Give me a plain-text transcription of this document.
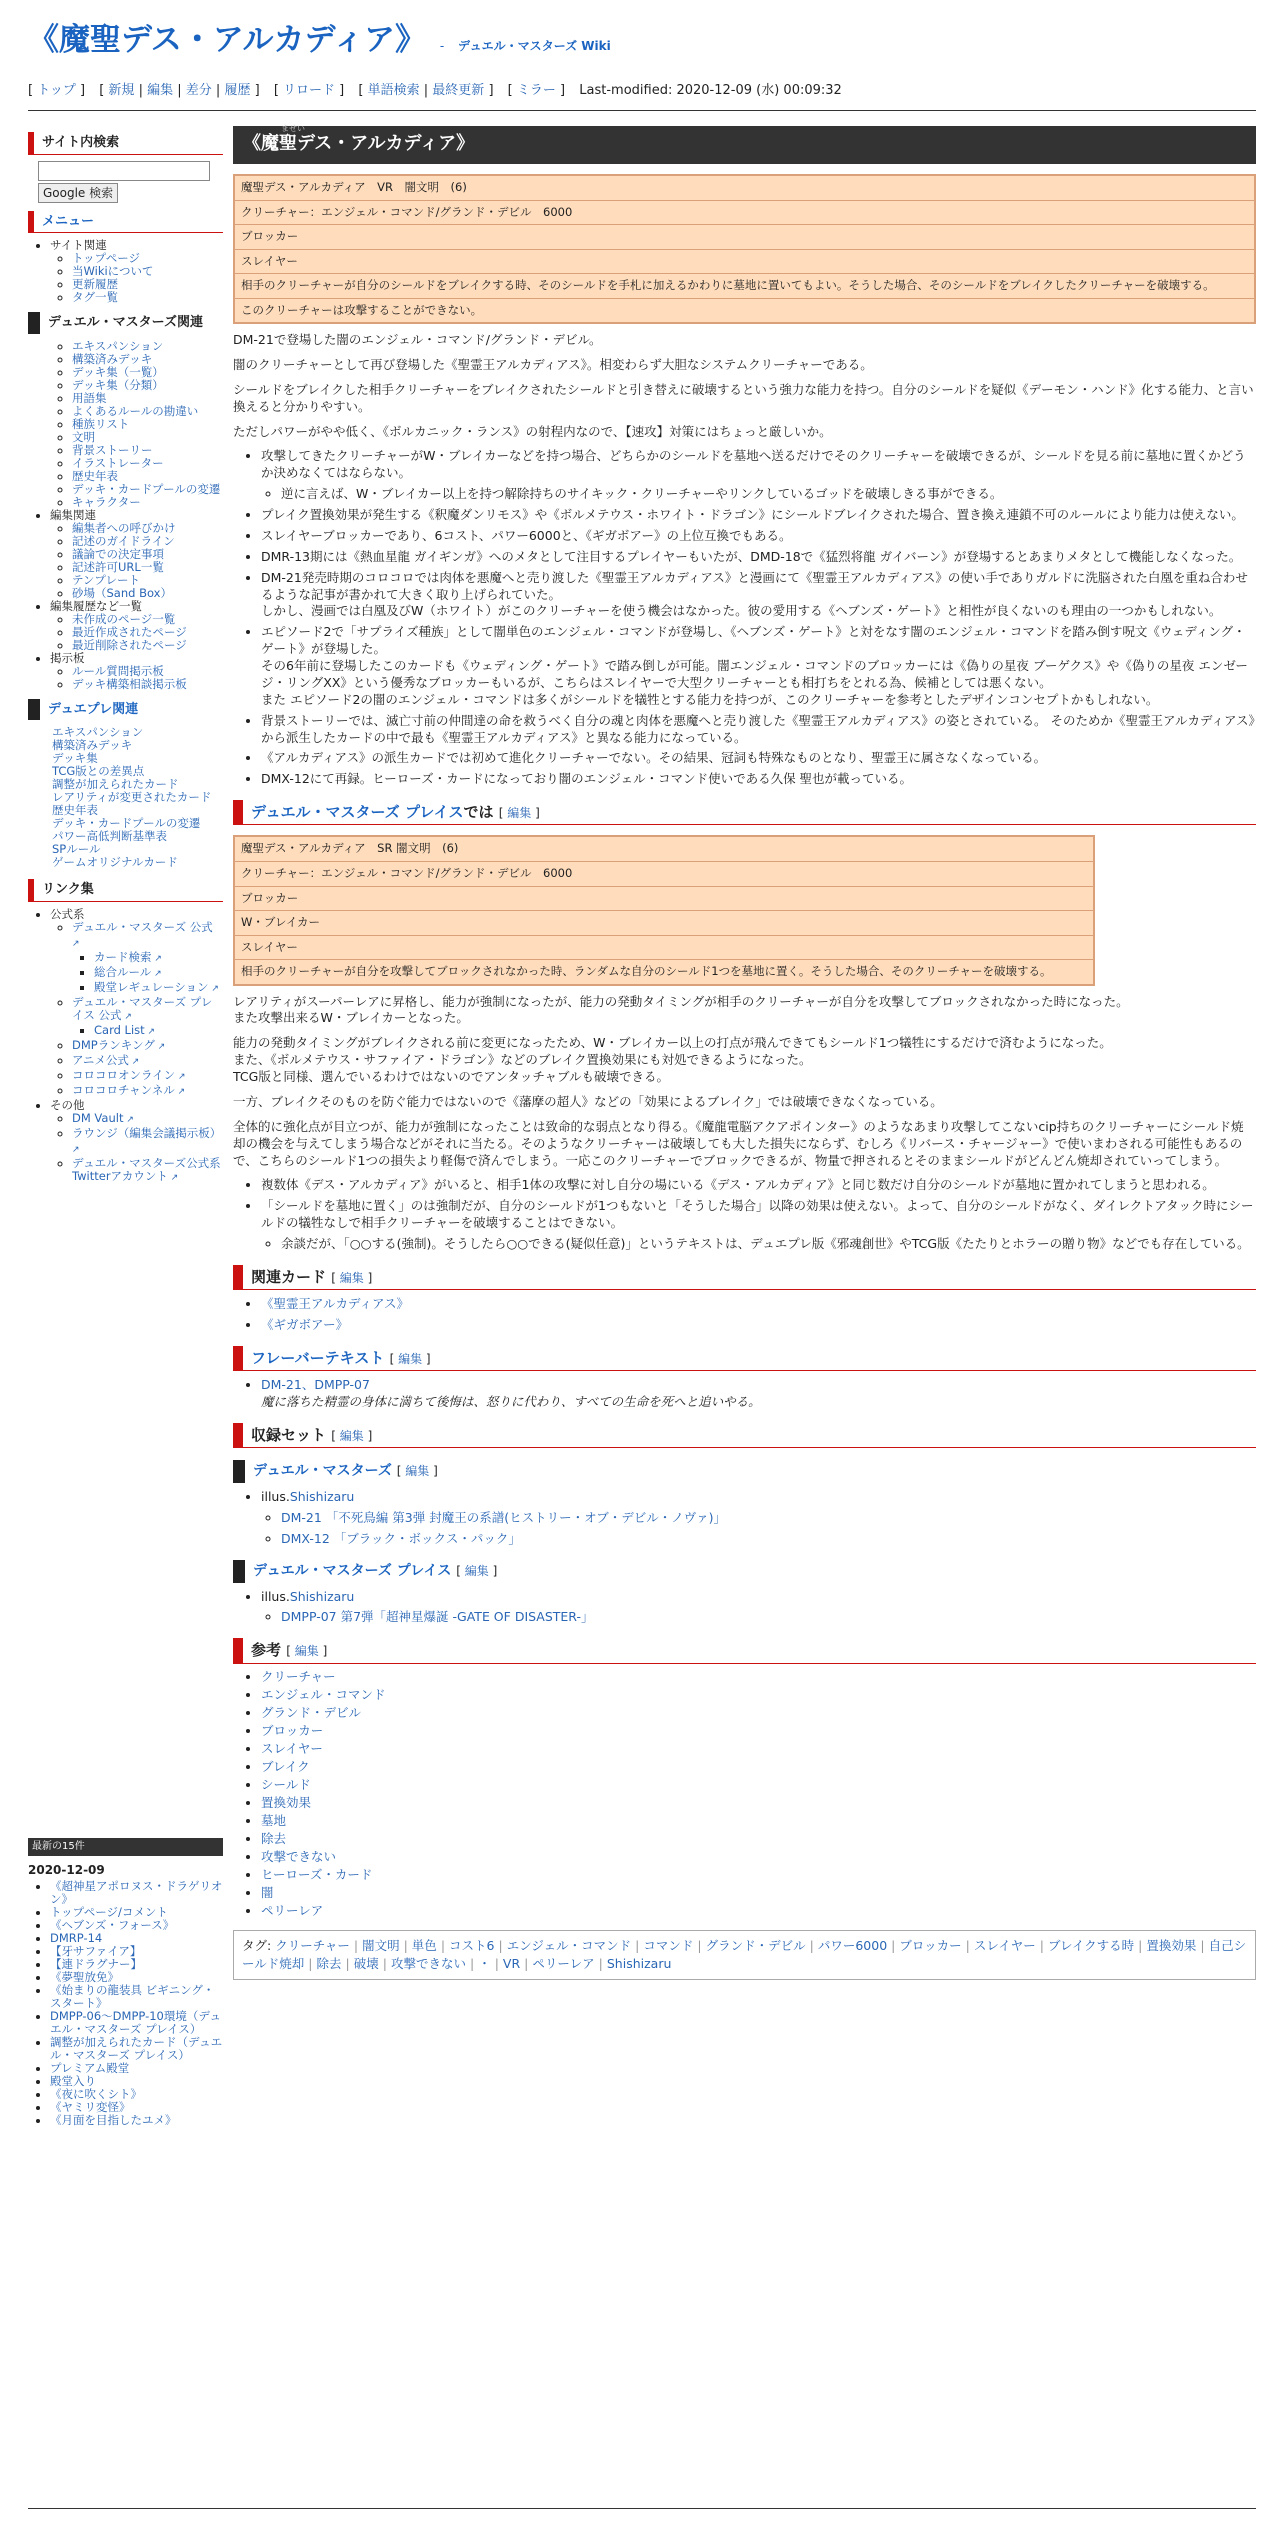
《魔聖デス・アルカディア》 - デュエル・マスターズ Wiki
[ トップ ] [ 新規 | 編集 | 差分 | 履歴 ] [ リロード ] [ 単語検索 | 最終更新 ] [ ミラー ] Last-modified: 2020-12-09 (水) 00:09:32
サイト内検索
Google 検索
メニュー
• サイト関連
◦ トップページ
◦ 当Wikiについて
◦ 更新履歴
◦ タグ一覧
デュエル・マスターズ関連
◦ エキスパンション
◦ 構築済みデッキ
◦ デッキ集（一覧）
◦ デッキ集（分類）
◦ 用語集
◦ よくあるルールの勘違い
◦ 種族リスト
◦ 文明
◦ 背景ストーリー
◦ イラストレーター
◦ 歴史年表
◦ デッキ・カードプールの変遷
◦ キャラクター
• 編集関連
◦ 編集者への呼びかけ
◦ 記述のガイドライン
◦ 議論での決定事項
◦ 記述許可URL一覧
◦ テンプレート
◦ 砂場（Sand Box）
• 編集履歴など一覧
◦ 未作成のページ一覧
◦ 最近作成されたページ
◦ 最近削除されたページ
• 掲示板
◦ ルール質問掲示板
◦ デッキ構築相談掲示板
デュエプレ関連
エキスパンション
構築済みデッキ
デッキ集
TCG版との差異点
調整が加えられたカード
レアリティが変更されたカード
歴史年表
デッキ・カードプールの変遷
パワー高低判断基準表
SPルール
ゲームオリジナルカード
リンク集
• 公式系
◦ デュエル・マスターズ 公式 ↗
▪ カード検索 ↗
▪ 総合ルール ↗
▪ 殿堂レギュレーション ↗
◦ デュエル・マスターズ プレイス 公式 ↗
▪ Card List ↗
◦ DMPランキング ↗
◦ アニメ公式 ↗
◦ コロコロオンライン ↗
◦ コロコロチャンネル ↗
• その他
◦ DM Vault ↗
◦ ラウンジ（編集会議掲示板） ↗
◦ デュエル・マスターズ公式系Twitterアカウント ↗
最新の15件
2020-12-09
• 《超神星アポロヌス・ドラゲリオン》
• トップページ/コメント
• 《ヘブンズ・フォース》
• DMRP-14
• 【牙サファイア】
• 【連ドラグナー】
• 《夢聖放免》
• 《始まりの龍装具 ビギニング・スタート》
• DMPP-06～DMPP-10環境（デュエル・マスターズ プレイス）
• 調整が加えられたカード（デュエル・マスターズ プレイス）
• プレミアム殿堂
• 殿堂入り
• 《夜に吹くシト》
• 《ヤミリ変怪》
• 《月面を目指したユメ》
ませい
《魔聖デス・アルカディア》
魔聖デス・アルカディア　VR　闇文明　(6)
クリーチャー：エンジェル・コマンド/グランド・デビル　6000
ブロッカー
スレイヤー
相手のクリーチャーが自分のシールドをブレイクする時、そのシールドを手札に加えるかわりに墓地に置いてもよい。そうした場合、そのシールドをブレイクしたクリーチャーを破壊する。
このクリーチャーは攻撃することができない。
DM-21で登場した闇のエンジェル・コマンド/グランド・デビル。
闇のクリーチャーとして再び登場した《聖霊王アルカディアス》。相変わらず大胆なシステムクリーチャーである。
シールドをブレイクした相手クリーチャーをブレイクされたシールドと引き替えに破壊するという強力な能力を持つ。自分のシールドを疑似《デーモン・ハンド》化する能力、と言い換えると分かりやすい。
ただしパワーがやや低く、《ボルカニック・ランス》の射程内なので、【速攻】対策にはちょっと厳しいか。
• 攻撃してきたクリーチャーがW・ブレイカーなどを持つ場合、どちらかのシールドを墓地へ送るだけでそのクリーチャーを破壊できるが、シールドを見る前に墓地に置くかどうか決めなくてはならない。
◦ 逆に言えば、W・ブレイカー以上を持つ解除持ちのサイキック・クリーチャーやリンクしているゴッドを破壊しきる事ができる。
• プレイク置換効果が発生する《釈魔ダンリモス》や《ボルメテウス・ホワイト・ドラゴン》にシールドブレイクされた場合、置き換え連鎖不可のルールにより能力は使えない。
• スレイヤーブロッカーであり、6コスト、パワー6000と、《ギガボアー》の上位互換でもある。
• DMR-13期には《熱血星龍 ガイギンガ》へのメタとして注目するプレイヤーもいたが、DMD-18で《猛烈将龍 ガイバーン》が登場するとあまりメタとして機能しなくなった。
• DM-21発売時期のコロコロでは肉体を悪魔へと売り渡した《聖霊王アルカディアス》と漫画にて《聖霊王アルカディアス》の使い手でありガルドに洗脳された白凰を重ね合わせるような記事が書かれて大きく取り上げられていた。
しかし、漫画では白凰及びW（ホワイト）がこのクリーチャーを使う機会はなかった。彼の愛用する《ヘブンズ・ゲート》と相性が良くないのも理由の一つかもしれない。
• エピソード2で「サプライズ種族」として闇単色のエンジェル・コマンドが登場し、《ヘブンズ・ゲート》と対をなす闇のエンジェル・コマンドを踏み倒す呪文《ウェディング・ゲート》が登場した。
その6年前に登場したこのカードも《ウェディング・ゲート》で踏み倒しが可能。闇エンジェル・コマンドのブロッカーには《偽りの星夜 ブーゲクス》や《偽りの星夜 エンゼージ・リングXX》という優秀なブロッカーもいるが、こちらはスレイヤーで大型クリーチャーとも相打ちをとれる為、候補としては悪くない。
また エピソード2の闇のエンジェル・コマンドは多くがシールドを犠牲とする能力を持つが、このクリーチャーを参考としたデザインコンセプトかもしれない。
• 背景ストーリーでは、滅亡寸前の仲間達の命を救うべく自分の魂と肉体を悪魔へと売り渡した《聖霊王アルカディアス》の姿とされている。 そのためか《聖霊王アルカディアス》から派生したカードの中で最も《聖霊王アルカディアス》と異なる能力になっている。
• 《アルカディアス》の派生カードでは初めて進化クリーチャーでない。その結果、冠詞も特殊なものとなり、聖霊王に属さなくなっている。
• DMX-12にて再録。ヒーローズ・カードになっており闇のエンジェル・コマンド使いである久保 聖也が載っている。
デュエル・マスターズ プレイスでは [ 編集 ]
魔聖デス・アルカディア　SR 闇文明　(6)
クリーチャー：エンジェル・コマンド/グランド・デビル　6000
ブロッカー
W・ブレイカー
スレイヤー
相手のクリーチャーが自分を攻撃してブロックされなかった時、ランダムな自分のシールド1つを墓地に置く。そうした場合、そのクリーチャーを破壊する。
レアリティがスーパーレアに昇格し、能力が強制になったが、能力の発動タイミングが相手のクリーチャーが自分を攻撃してブロックされなかった時になった。
また攻撃出来るW・ブレイカーとなった。
能力の発動タイミングがブレイクされる前に変更になったため、W・ブレイカー以上の打点が飛んできてもシールド1つ犠牲にするだけで済むようになった。
また、《ボルメテウス・サファイア・ドラゴン》などのブレイク置換効果にも対処できるようになった。
TCG版と同様、選んでいるわけではないのでアンタッチャブルも破壊できる。
一方、ブレイクそのものを防ぐ能力ではないので《藩摩の超人》などの「効果によるブレイク」では破壊できなくなっている。
全体的に強化点が目立つが、能力が強制になったことは致命的な弱点となり得る。《魔龍電脳アクアポインター》のようなあまり攻撃してこないcip持ちのクリーチャーにシールド焼却の機会を与えてしまう場合などがそれに当たる。そのようなクリーチャーは破壊しても大した損失にならず、むしろ《リバース・チャージャー》で使いまわされる可能性もあるので、こちらのシールド1つの損失より軽傷で済んでしまう。一応このクリーチャーでブロックできるが、物量で押されるとそのままシールドがどんどん焼却されていってしまう。
• 複数体《デス・アルカディア》がいると、相手1体の攻撃に対し自分の場にいる《デス・アルカディア》と同じ数だけ自分のシールドが墓地に置かれてしまうと思われる。
• 「シールドを墓地に置く」のは強制だが、自分のシールドが1つもないと「そうした場合」以降の効果は使えない。よって、自分のシールドがなく、ダイレクトアタック時にシールドの犠牲なしで相手クリーチャーを破壊することはできない。
◦ 余談だが、「○○する(強制)。そうしたら○○できる(疑似任意)」というテキストは、デュエプレ版《邪魂創世》やTCG版《たたりとホラーの贈り物》などでも存在している。
関連カード [ 編集 ]
• 《聖霊王アルカディアス》
• 《ギガボアー》
フレーバーテキスト [ 編集 ]
• DM-21、DMPP-07
魔に落ちた精霊の身体に満ちて後悔は、怒りに代わり、すべての生命を死へと追いやる。
収録セット [ 編集 ]
デュエル・マスターズ [ 編集 ]
• illus.Shishizaru
◦ DM-21 「不死鳥編 第3弾 封魔王の系譜(ヒストリー・オブ・デビル・ノヴァ)」
◦ DMX-12 「ブラック・ボックス・パック」
デュエル・マスターズ プレイス [ 編集 ]
• illus.Shishizaru
◦ DMPP-07 第7弾「超神星爆誕 -GATE OF DISASTER-」
参考 [ 編集 ]
• クリーチャー
• エンジェル・コマンド
• グランド・デビル
• ブロッカー
• スレイヤー
• ブレイク
• シールド
• 置換効果
• 墓地
• 除去
• 攻撃できない
• ヒーローズ・カード
• 闇
• ペリーレア
タグ: クリーチャー | 闇文明 | 単色 | コスト6 | エンジェル・コマンド | コマンド | グランド・デビル | パワー6000 | ブロッカー | スレイヤー | ブレイクする時 | 置換効果 | 自己シールド焼却 | 除去 | 破壊 | 攻撃できない | ・ | VR | ペリーレア | Shishizaru
